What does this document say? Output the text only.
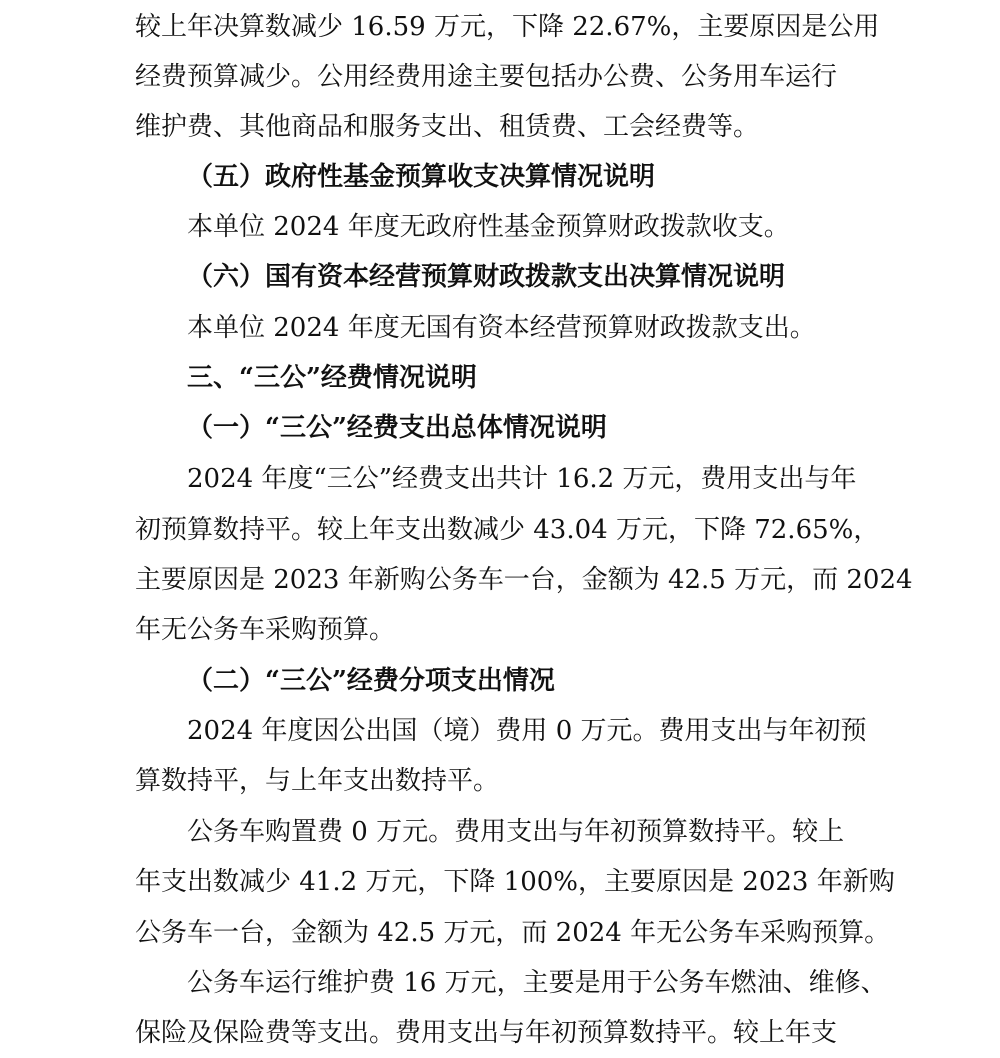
较上年决算数减少 16.59 万元，下降 22.67%，主要原因是公用
经费预算减少。公用经费用途主要包括办公费、公务用车运行
维护费、其他商品和服务支出、租赁费、工会经费等。
（五）政府性基金预算收支决算情况说明
本单位 2024 年度无政府性基金预算财政拨款收支。
（六）国有资本经营预算财政拨款支出决算情况说明
本单位 2024 年度无国有资本经营预算财政拨款支出。
三、“三公”经费情况说明
（一）“三公”经费支出总体情况说明
2024 年度“三公”经费支出共计 16.2 万元，费用支出与年
初预算数持平。较上年支出数减少 43.04 万元，下降 72.65%，
主要原因是 2023 年新购公务车一台，金额为 42.5 万元，而 2024
年无公务车采购预算。
（二）“三公”经费分项支出情况
2024 年度因公出国（境）费用 0 万元。费用支出与年初预
算数持平，与上年支出数持平。
公务车购置费 0 万元。费用支出与年初预算数持平。较上
年支出数减少 41.2 万元，下降 100%，主要原因是 2023 年新购
公务车一台，金额为 42.5 万元，而 2024 年无公务车采购预算。
公务车运行维护费 16 万元，主要是用于公务车燃油、维修、
保险及保险费等支出。费用支出与年初预算数持平。较上年支
